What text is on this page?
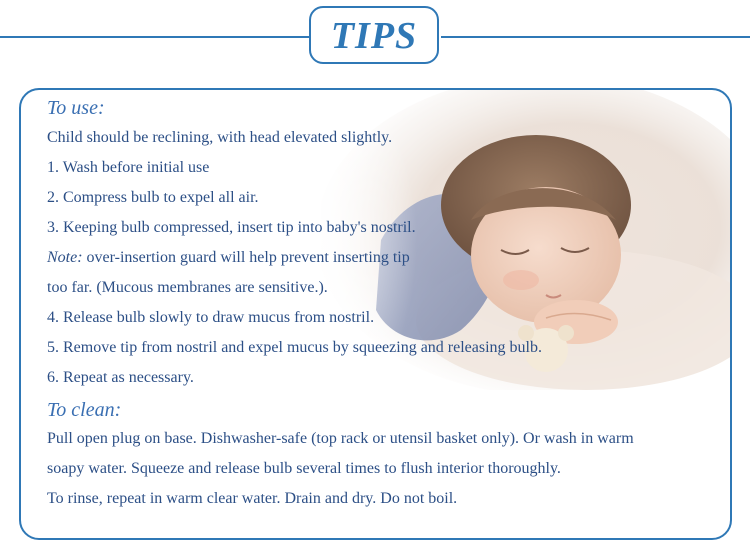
TIPS
To use:
Child should be reclining, with head elevated slightly.
1. Wash before initial use
2. Compress bulb to expel all air.
3. Keeping bulb compressed, insert tip into baby's nostril.
Note: over-insertion guard will help prevent inserting tip
too far. (Mucous membranes are sensitive.).
4. Release bulb slowly to draw mucus from nostril.
5. Remove tip from nostril and expel mucus by squeezing and releasing bulb.
6. Repeat as necessary.
To clean:
Pull open plug on base. Dishwasher-safe (top rack or utensil basket only). Or wash in warm
soapy water. Squeeze and release bulb several times to flush interior thoroughly.
To rinse, repeat in warm clear water. Drain and dry. Do not boil.
